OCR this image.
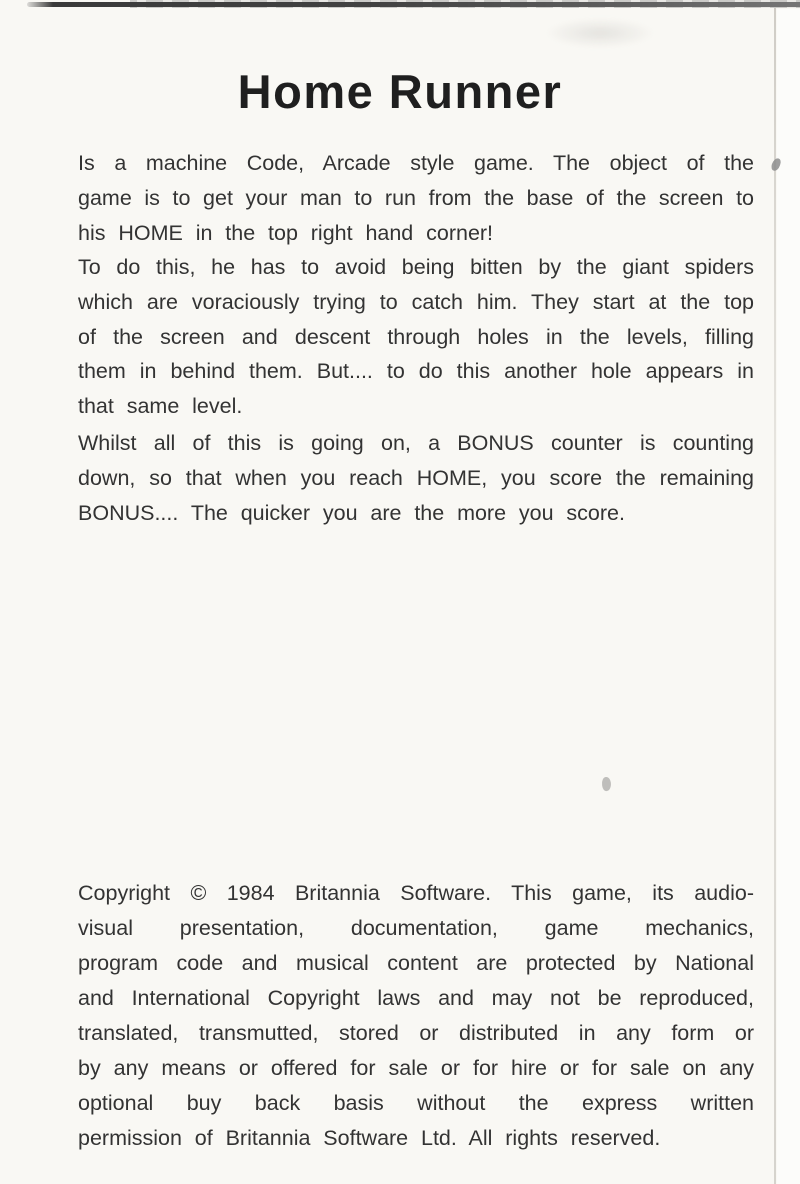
Home Runner
Is a machine Code, Arcade style game. The object of the
game is to get your man to run from the base of the screen to
his HOME in the top right hand corner!
To do this, he has to avoid being bitten by the giant spiders
which are voraciously trying to catch him. They start at the top
of the screen and descent through holes in the levels, filling
them in behind them. But.... to do this another hole appears in
that same level.
Whilst all of this is going on, a BONUS counter is counting
down, so that when you reach HOME, you score the remaining
BONUS.... The quicker you are the more you score.
Copyright © 1984 Britannia Software. This game, its audio-
visual presentation, documentation, game mechanics,
program code and musical content are protected by National
and International Copyright laws and may not be reproduced,
translated, transmutted, stored or distributed in any form or
by any means or offered for sale or for hire or for sale on any
optional buy back basis without the express written
permission of Britannia Software Ltd. All rights reserved.
